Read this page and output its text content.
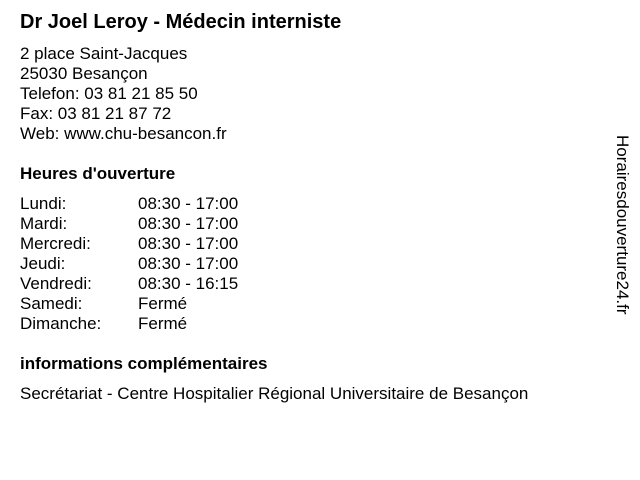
Dr Joel Leroy - Médecin interniste
2 place Saint-Jacques
25030 Besançon
Telefon: 03 81 21 85 50
Fax: 03 81 21 87 72
Web: www.chu-besancon.fr
Heures d'ouverture
Lundi:	08:30 - 17:00
Mardi:	08:30 - 17:00
Mercredi:	08:30 - 17:00
Jeudi:	08:30 - 17:00
Vendredi:	08:30 - 16:15
Samedi:	Fermé
Dimanche:	Fermé
informations complémentaires
Secrétariat - Centre Hospitalier Régional Universitaire de Besançon
Horairesdouverture24.fr
